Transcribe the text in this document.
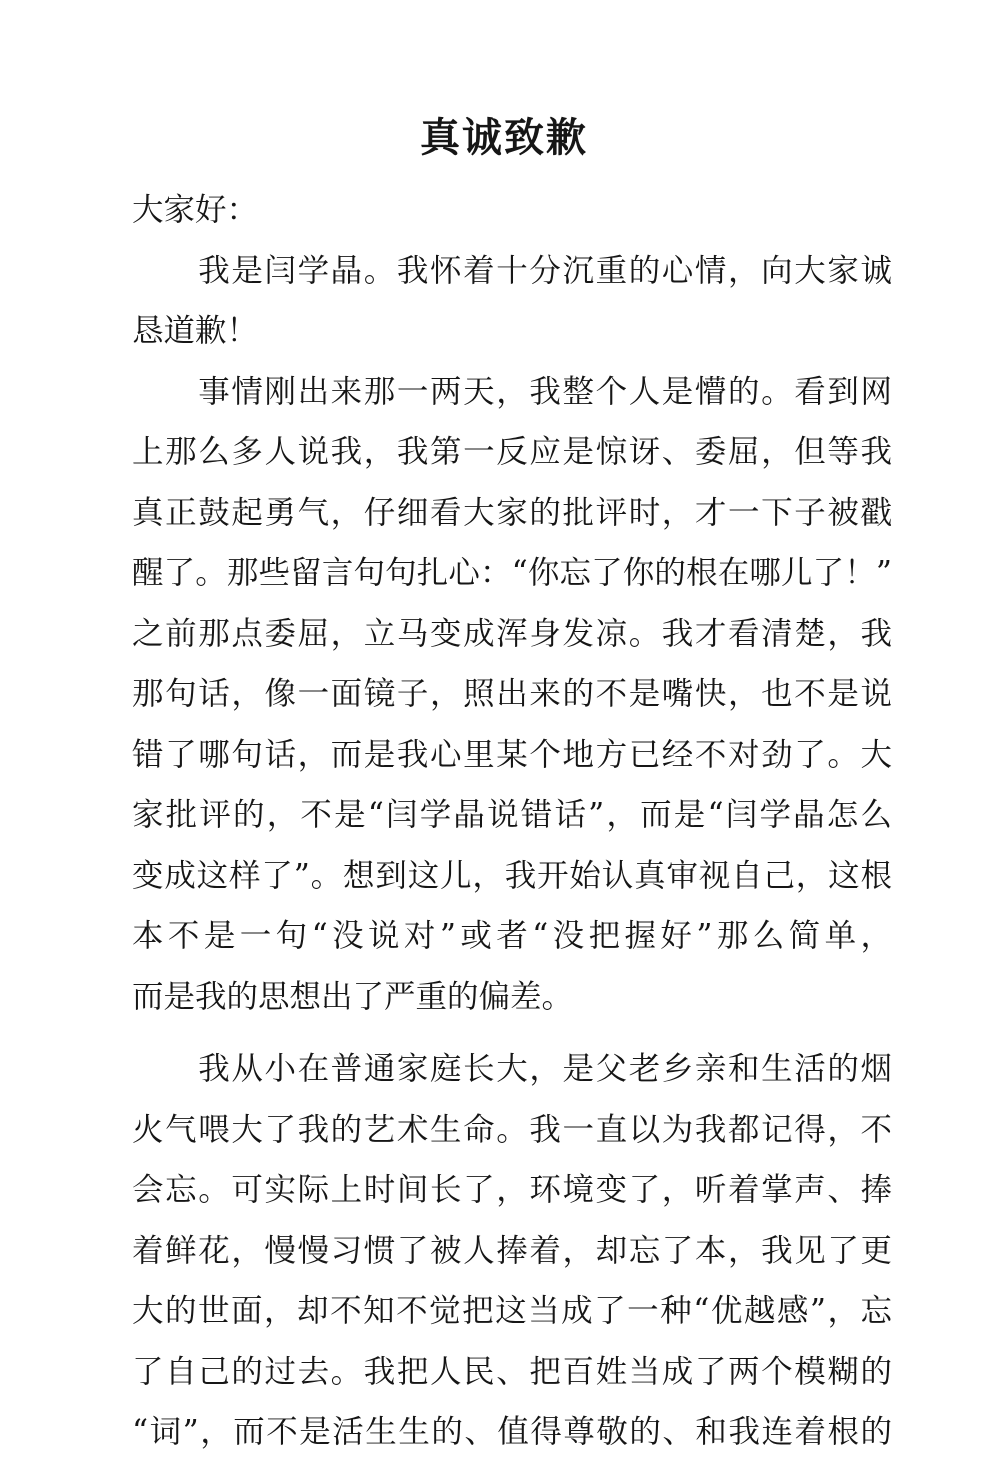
真诚致歉
大家好：
　　我是闫学晶。我怀着十分沉重的心情，向大家诚
恳道歉！
　　事情刚出来那一两天，我整个人是懵的。看到网
上那么多人说我，我第一反应是惊讶、委屈，但等我
真正鼓起勇气，仔细看大家的批评时，才一下子被戳
醒了。那些留言句句扎心：“你忘了你的根在哪儿了！”
之前那点委屈，立马变成浑身发凉。我才看清楚，我
那句话，像一面镜子，照出来的不是嘴快，也不是说
错了哪句话，而是我心里某个地方已经不对劲了。大
家批评的，不是“闫学晶说错话”，而是“闫学晶怎么
变成这样了”。想到这儿，我开始认真审视自己，这根
本不是一句“没说对”或者“没把握好”那么简单，
而是我的思想出了严重的偏差。
　　我从小在普通家庭长大，是父老乡亲和生活的烟
火气喂大了我的艺术生命。我一直以为我都记得，不
会忘。可实际上时间长了，环境变了，听着掌声、捧
着鲜花，慢慢习惯了被人捧着，却忘了本，我见了更
大的世面，却不知不觉把这当成了一种“优越感”，忘
了自己的过去。我把人民、把百姓当成了两个模糊的
“词”，而不是活生生的、值得尊敬的、和我连着根的
